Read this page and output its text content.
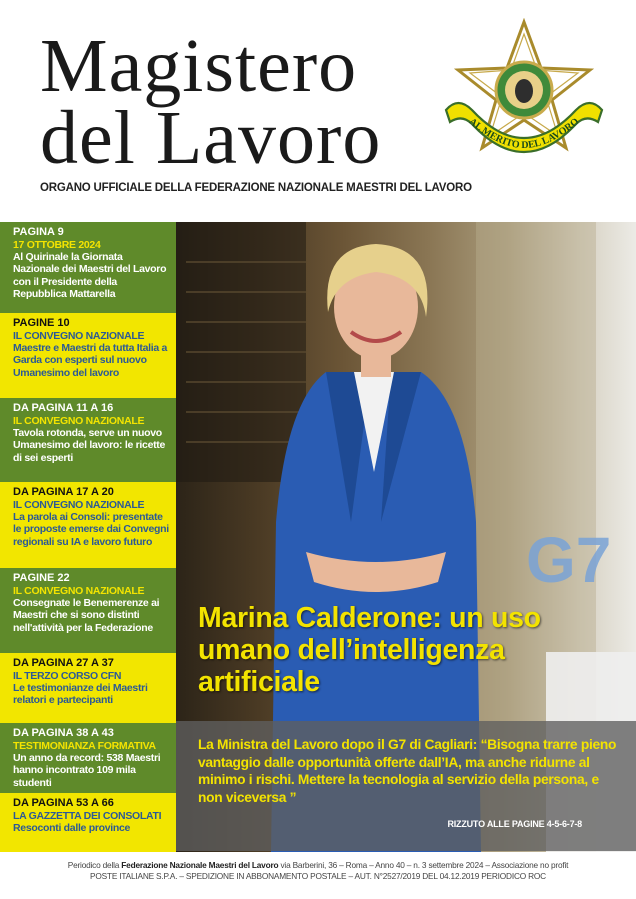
Magistero
del Lavoro
ORGANO UFFICIALE DELLA FEDERAZIONE NAZIONALE MAESTRI DEL LAVORO
AL MERITO DEL LAVORO
PAGINA 9
17 OTTOBRE 2024
Al Quirinale la Giornata Nazionale dei Maestri del Lavoro con il Presidente della Repubblica Mattarella
PAGINE 10
IL CONVEGNO NAZIONALE
Maestre e Maestri da tutta Italia a Garda con esperti sul nuovo Umanesimo del lavoro
DA PAGINA 11 A 16
IL CONVEGNO NAZIONALE
Tavola rotonda, serve un nuovo Umanesimo del lavoro: le ricette di sei esperti
DA PAGINA 17 A 20
IL CONVEGNO NAZIONALE
La parola ai Consoli: presentate le proposte emerse dai Convegni regionali su IA e lavoro futuro
PAGINE 22
IL CONVEGNO NAZIONALE
Consegnate le Benemerenze ai Maestri che si sono distinti nell'attività per la Federazione
DA PAGINA 27 A 37
IL TERZO CORSO CFN
Le testimonianze dei Maestri relatori e partecipanti
DA PAGINA 38 A 43
TESTIMONIANZA FORMATIVA
Un anno da record: 538 Maestri hanno incontrato 109 mila studenti
DA PAGINA 53 A 66
LA GAZZETTA DEI CONSOLATI
Resoconti dalle province
G7
Marina Calderone: un uso umano dell’intelligenza artificiale
La Ministra del Lavoro dopo il G7 di Cagliari: “Bisogna trarre pieno vantaggio dalle opportunità offerte dall’IA, ma anche ridurne al minimo i rischi. Mettere la tecnologia al servizio della persona, e non viceversa ”
RIZZUTO ALLE PAGINE 4-5-6-7-8
Periodico della Federazione Nazionale Maestri del Lavoro via Barberini, 36 – Roma – Anno 40 – n. 3 settembre 2024 – Associazione no profit
POSTE ITALIANE S.P.A. – SPEDIZIONE IN ABBONAMENTO POSTALE – AUT. N°2527/2019 DEL 04.12.2019 PERIODICO ROC
